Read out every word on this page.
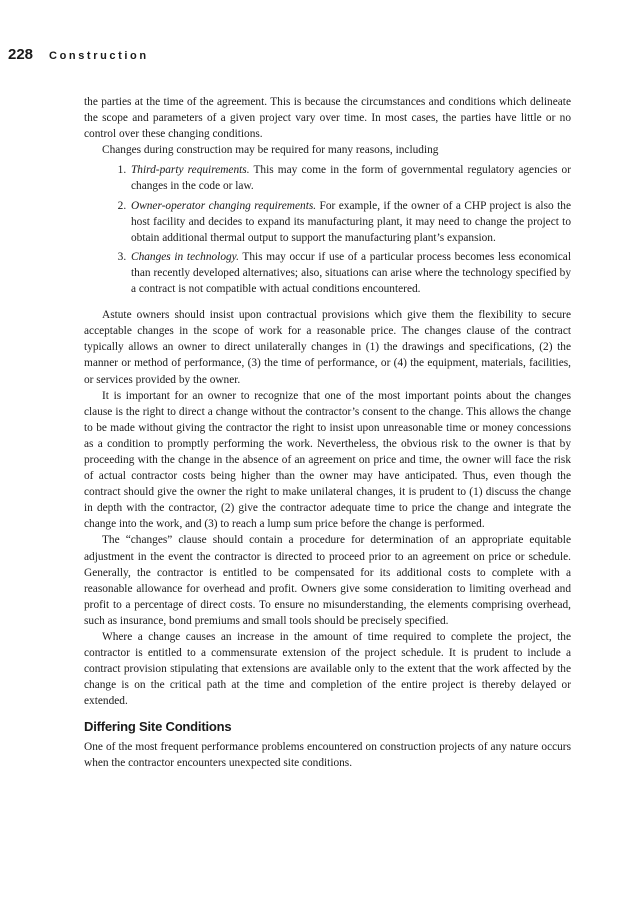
228 Construction

the parties at the time of the agreement. This is because the circumstances and conditions which delineate the scope and parameters of a given project vary over time. In most cases, the parties have little or no control over these changing conditions.

Changes during construction may be required for many reasons, including

1. Third-party requirements. This may come in the form of governmental regulatory agencies or changes in the code or law.
2. Owner-operator changing requirements. For example, if the owner of a CHP project is also the host facility and decides to expand its manufacturing plant, it may need to change the project to obtain additional thermal output to support the manufacturing plant’s expansion.
3. Changes in technology. This may occur if use of a particular process becomes less economical than recently developed alternatives; also, situations can arise where the technology specified by a contract is not compatible with actual conditions encountered.

Astute owners should insist upon contractual provisions which give them the flexibility to secure acceptable changes in the scope of work for a reasonable price. The changes clause of the contract typically allows an owner to direct unilaterally changes in (1) the drawings and specifications, (2) the manner or method of performance, (3) the time of performance, or (4) the equipment, materials, facilities, or services provided by the owner.

It is important for an owner to recognize that one of the most important points about the changes clause is the right to direct a change without the contractor’s consent to the change. This allows the change to be made without giving the contractor the right to insist upon unreasonable time or money concessions as a condition to promptly performing the work. Nevertheless, the obvious risk to the owner is that by proceeding with the change in the absence of an agreement on price and time, the owner will face the risk of actual contractor costs being higher than the owner may have anticipated. Thus, even though the contract should give the owner the right to make unilateral changes, it is prudent to (1) discuss the change in depth with the contractor, (2) give the contractor adequate time to price the change and integrate the change into the work, and (3) to reach a lump sum price before the change is performed.

The “changes” clause should contain a procedure for determination of an appropriate equitable adjustment in the event the contractor is directed to proceed prior to an agreement on price or schedule. Generally, the contractor is entitled to be compensated for its additional costs to complete with a reasonable allowance for overhead and profit. Owners give some consideration to limiting overhead and profit to a percentage of direct costs. To ensure no misunderstanding, the elements comprising overhead, such as insurance, bond premiums and small tools should be precisely specified.

Where a change causes an increase in the amount of time required to complete the project, the contractor is entitled to a commensurate extension of the project schedule. It is prudent to include a contract provision stipulating that extensions are available only to the extent that the work affected by the change is on the critical path at the time and completion of the entire project is thereby delayed or extended.

Differing Site Conditions

One of the most frequent performance problems encountered on construction projects of any nature occurs when the contractor encounters unexpected site conditions.
